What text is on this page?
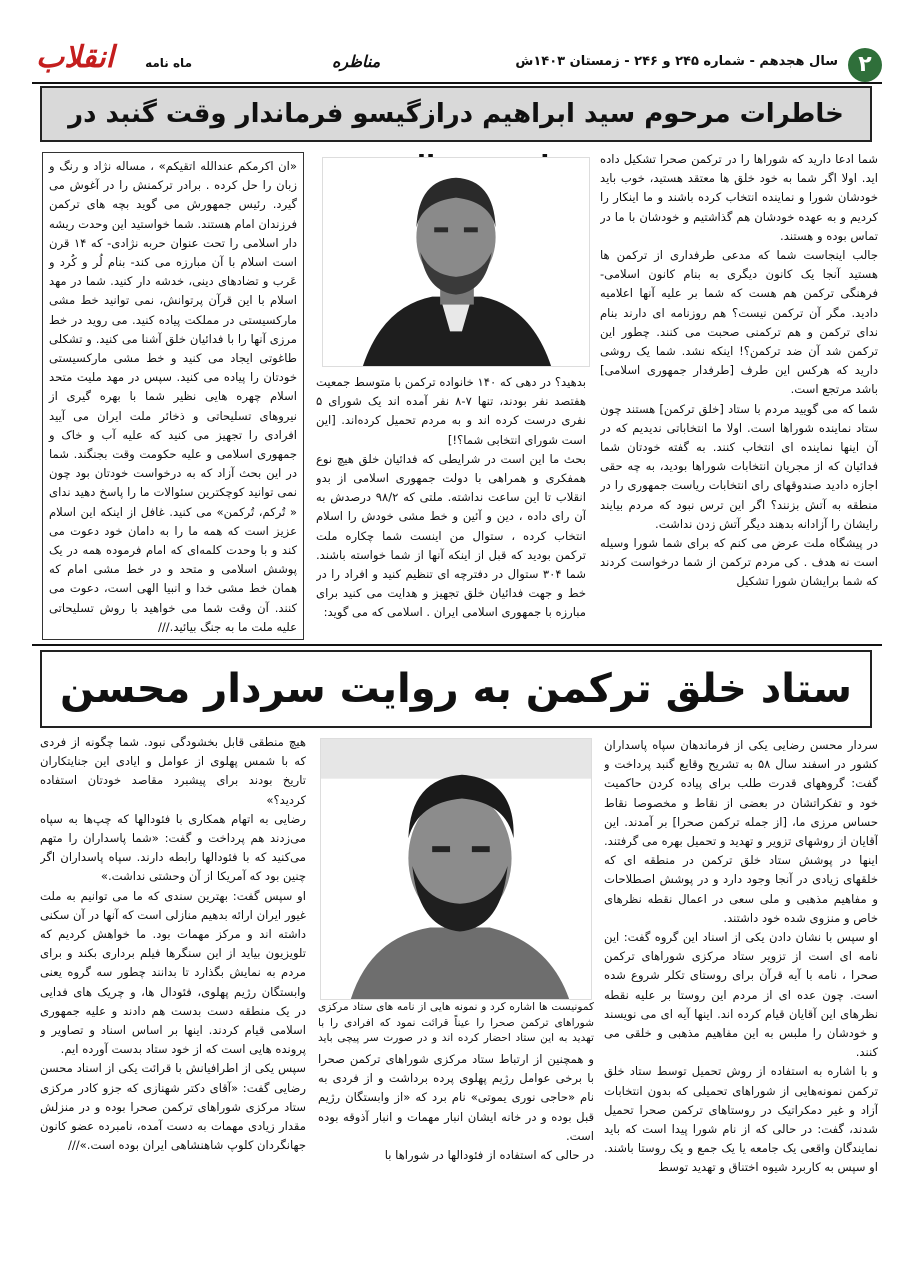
۲
سال هجدهم - شماره ۲۴۵ و ۲۴۶ - زمستان ۱۴۰۳ش
مناظره
انقلاب	ماه نامه
خاطرات مرحوم سید ابراهیم درازگیسو فرماندار وقت گنبد در
شما ادعا دارید که شوراها را در ترکمن صحرا تشکیل داده اید. اولا اگر شما به خود خلق ها معتقد هستید، خوب باید خودشان شورا و نماینده انتخاب کرده باشند و ما اینکار را کردیم و به عهده خودشان هم گذاشتیم و خودشان با ما در تماس بوده و هستند.
جالب اینجاست شما که مدعی طرفداری از ترکمن ها هستید آنجا یک کانون دیگری به بنام کانون اسلامی- فرهنگی ترکمن هم هست که شما بر علیه آنها اعلامیه دادید. مگر آن ترکمن نیست؟ هم روزنامه ای دارند بنام ندای ترکمن و هم ترکمنی صحبت می کنند. چطور این ترکمن شد آن ضد ترکمن؟! اینکه نشد. شما یک روشی دارید که هرکس این طرف [طرفدار جمهوری اسلامی] باشد مرتجع است.
شما که می گویید مردم با ستاد [خلق ترکمن] هستند چون ستاد نماینده شوراها است. اولا ما انتخاباتی ندیدیم که در آن اینها نماینده ای انتخاب کنند. به گفته خودتان شما فدائیان که از مجریان انتخابات شوراها بودید، به چه حقی اجازه دادید صندوقهای رای انتخابات ریاست جمهوری را در منطقه به آتش بزنند؟ اگر این ترس نبود که مردم بیایند رایشان را آزادانه بدهند دیگر آتش زدن نداشت.
در پیشگاه ملت عرض می کنم که برای شما شورا وسیله است نه هدف . کی مردم ترکمن از شما درخواست کردند که شما برایشان شورا تشکیل
بدهید؟ در دهی که ۱۴۰ خانواده ترکمن با متوسط جمعیت هفتصد نفر بودند، تنها ۷-۸ نفر آمده اند یک شورای ۵ نفری درست کرده اند و به مردم تحمیل کرده‌اند. [این است شورای انتخابی شما؟!]
بحث ما این است در شرایطی که فدائیان خلق هیچ نوع همفکری و همراهی با دولت جمهوری اسلامی از بدو انقلاب تا این ساعت نداشته. ملتی که ۹۸/۲ درصدش به آن رای داده ، دین و آئین و خط مشی خودش را اسلام انتخاب کرده ، ستوال من اینست شما چکاره ملت ترکمن بودید که قبل از اینکه آنها از شما خواسته باشند. شما ۳۰۴ ستوال در دفترچه ای تنظیم کنید و افراد را در خط و جهت فدائیان خلق تجهیز و هدایت می کنید برای مبارزه با جمهوری اسلامی ایران . اسلامی که می گوید:
«ان اکرمکم عندالله اتقیکم» ، مساله نژاد و رنگ و زبان را حل کرده . برادر ترکمنش را در آغوش می گیرد. رئیس جمهورش می گوید بچه های ترکمن فرزندان امام هستند. شما خواستید این وحدت ریشه دار اسلامی را تحت عنوان حربه نژادی- که ۱۴ قرن است اسلام با آن مبارزه می کند- بنام لُر و کُرد و عَرب و تضادهای دینی، خدشه دار کنید. شما در مهد اسلام با این قرآن پرتوانش، نمی توانید خط مشی مارکسیستی در مملکت پیاده کنید. می روید در خط مرزی آنها را با فدائیان خلق آشنا می کنید. و تشکلی طاغوتی ایجاد می کنید و خط مشی مارکسیستی خودتان را پیاده می کنید. سپس در مهد ملیت متحد اسلام چهره هایی نظیر شما با بهره گیری از نیروهای تسلیحاتی و ذخائر ملت ایران می آیید افرادی را تجهیز می کنید که علیه آب و خاک و جمهوری اسلامی و علیه حکومت وقت بجنگند. شما در این بحث آزاد که به درخواست خودتان بود چون نمی توانید کوچکترین سئوالات ما را پاسخ دهید ندای « تُرکم، تُرکمن» می کنید. غافل از اینکه این اسلام عزیز است که همه ما را به دامان خود دعوت می کند و با وحدت کلمه‌ای که امام فرموده همه در یک پوشش اسلامی و متحد و در خط مشی امام که همان خط مشی خدا و انبیا الهی است، دعوت می کنند. آن وقت شما می خواهید با روش تسلیحاتی علیه ملت ما به جنگ بیائید.///
ستاد خلق ترکمن به روایت سردار محسن
سردار محسن رضایی یکی از فرماندهان سپاه پاسداران کشور در اسفند سال ۵۸ به تشریح وقایع گنبد پرداخت و گفت: گروههای قدرت طلب برای پیاده کردن حاکمیت خود و تفکراتشان در بعضی از نقاط و مخصوصا نقاط حساس مرزی ما، [از جمله ترکمن صحرا] بر آمدند. این آقایان از روشهای تزویر و تهدید و تحمیل بهره می گرفتند. اینها در پوشش ستاد خلق ترکمن در منطقه ای که خلقهای زیادی در آنجا وجود دارد و در پوشش اصطلاحات و مفاهیم مذهبی و ملی سعی در اعمال نقطه نظرهای خاص و منزوی شده خود داشتند.
او سپس با نشان دادن یکی از اسناد این گروه گفت: این نامه ای است از تزویر ستاد مرکزی شوراهای ترکمن صحرا ، نامه با آیه قرآن برای روستای تکلر شروع شده است. چون عده ای از مردم این روستا بر علیه نقطه نظرهای این آقایان قیام کرده اند. اینها آیه ای می نویسند و خودشان را ملبس به این مفاهیم مذهبی و خلقی می کنند.
و با اشاره به استفاده از روش تحمیل توسط ستاد خلق ترکمن نمونه‌هایی از شوراهای تحمیلی که بدون انتخابات آزاد و غیر دمکراتیک در روستاهای ترکمن صحرا تحمیل شدند، گفت: در حالی که از نام شورا پیدا است که باید نمایندگان واقعی یک جامعه یا یک جمع و یک روستا باشند. او سپس به کاربرد شیوه اختناق و تهدید توسط
کمونیست ها اشاره کرد و نمونه هایی از نامه های ستاد مرکزی شوراهای ترکمن صحرا را عیناً قرائت نمود که افرادی را با تهدید به این ستاد احضار کرده اند و در صورت سر پیچی باید
و همچنین از ارتباط ستاد مرکزی شوراهای ترکمن صحرا با برخی عوامل رژیم پهلوی پرده برداشت و از فردی به نام «حاجی نوری یموتی» نام برد که «از وابستگان رژیم قبل بوده و در خانه ایشان انبار مهمات و انبار آذوقه بوده است.
در حالی که استفاده از فئودالها در شوراها با
هیچ منطقی قابل بخشودگی نبود. شما چگونه از فردی که با شمس پهلوی از عوامل و ایادی این جنایتکاران تاریخ بودند برای پیشبرد مقاصد خودتان استفاده کردید؟»
رضایی به اتهام همکاری با فئودالها که چپ‌ها به سپاه می‌زدند هم پرداخت و گفت: «شما پاسداران را متهم می‌کنید که با فئودالها رابطه دارند. سپاه پاسداران اگر چنین بود که آمریکا از آن وحشتی نداشت.»
او سپس گفت: بهترین سندی که ما می توانیم به ملت غیور ایران ارائه بدهیم منازلی است که آنها در آن سکنی داشته اند و مرکز مهمات بود. ما خواهش کردیم که تلویزیون بیاید از این سنگرها فیلم برداری بکند و برای مردم به نمایش بگذارد تا بدانند چطور سه گروه یعنی وابستگان رژیم پهلوی، فئودال ها، و چریک های فدایی در یک منطقه دست بدست هم دادند و علیه جمهوری اسلامی قیام کردند. اینها بر اساس اسناد و تصاویر و پرونده هایی است که از خود ستاد بدست آورده ایم.
سپس یکی از اطرافیانش با قرائت یکی از اسناد محسن رضایی گفت: «آقای دکتر شهنازی که جزو کادر مرکزی ستاد مرکزی شوراهای ترکمن صحرا بوده و در منزلش مقدار زیادی مهمات به دست آمده، نامبرده عضو کانون جهانگردان کلوپ شاهنشاهی ایران بوده است.»///
